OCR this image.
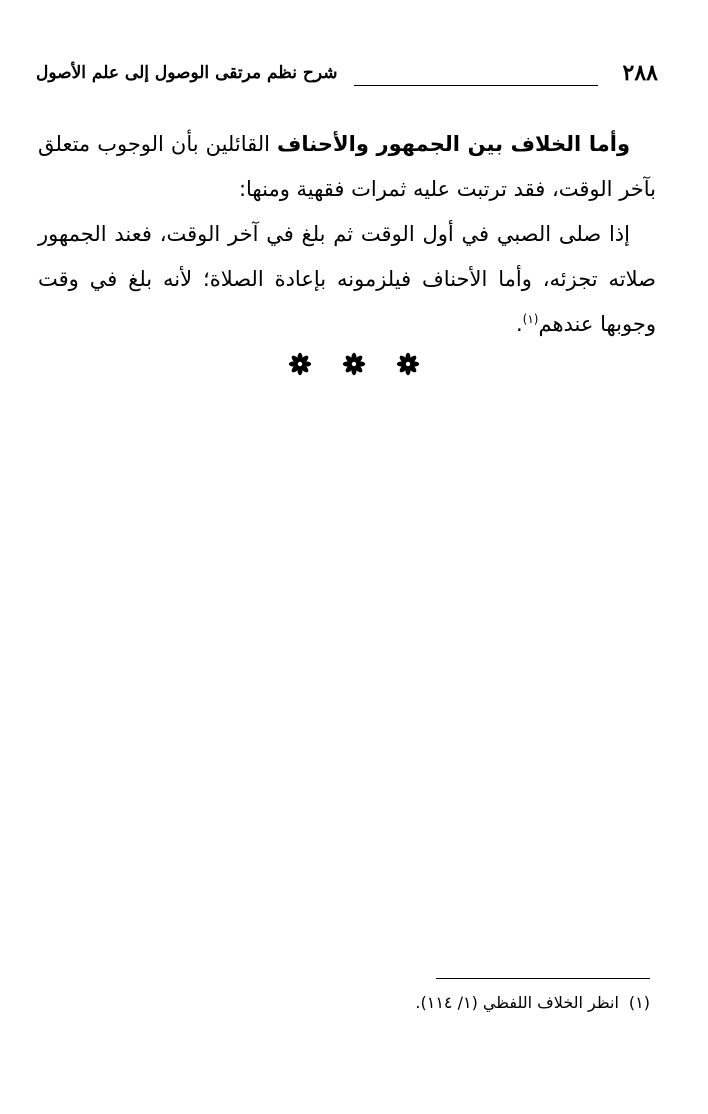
٢٨٨
شرح نظم مرتقى الوصول إلى علم الأصول

وأما الخلاف بين الجمهور والأحناف القائلين بأن الوجوب متعلق بآخر الوقت، فقد ترتبت عليه ثمرات فقهية ومنها:

إذا صلى الصبي في أول الوقت ثم بلغ في آخر الوقت، فعند الجمهور صلاته تجزئه، وأما الأحناف فيلزمونه بإعادة الصلاة؛ لأنه بلغ في وقت وجوبها عندهم$^{(١)}$.

(١)انظر الخلاف اللفظي (١/ ١١٤).
